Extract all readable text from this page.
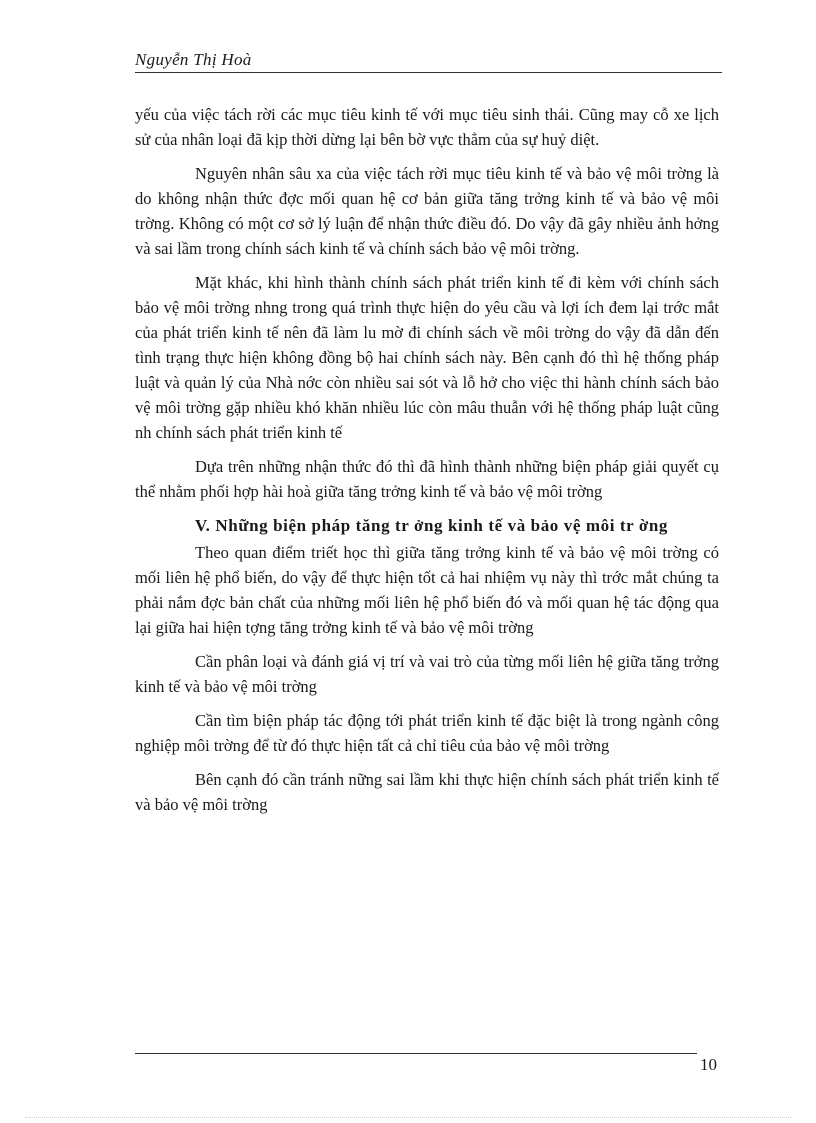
Nguyễn Thị Hoà

yếu của việc tách rời các mục tiêu kinh tế với mục tiêu sinh thái. Cũng may cỗ xe lịch sử của nhân loại đã kịp thời dừng lại bên bờ vực thẳm của sự huỷ diệt.

Nguyên nhân sâu xa của việc tách rời mục tiêu kinh tế và bảo vệ môi trờng là do không nhận thức đợc mối quan hệ cơ bản giữa tăng trởng kinh tế và bảo vệ môi trờng. Không có một cơ sở lý luận để nhận thức điều đó. Do vậy đã gây nhiều ảnh hởng và sai lầm trong chính sách kinh tế và chính sách bảo vệ môi trờng.

Mặt khác, khi hình thành chính sách phát triển kinh tế đi kèm với chính sách bảo vệ môi trờng nhng trong quá trình thực hiện do yêu cầu và lợi ích đem lại trớc mắt của phát triển kinh tế nên đã làm lu mờ đi chính sách về môi trờng do vậy đã dẫn đến tình trạng thực hiện không đồng bộ hai chính sách này. Bên cạnh đó thì hệ thống pháp luật và quản lý của Nhà nớc còn nhiều sai sót và lỗ hở cho việc thi hành chính sách bảo vệ môi trờng gặp nhiều khó khăn nhiều lúc còn mâu thuẫn với hệ thống pháp luật cũng nh chính sách phát triển kinh tế

Dựa trên những nhận thức đó thì đã hình thành những biện pháp giải quyết cụ thể nhằm phối hợp hài hoà giữa tăng trởng kinh tế và bảo vệ môi trờng

V. Những biện pháp tăng tr ởng kinh tế và bảo vệ môi tr ờng

Theo quan điểm triết học thì giữa tăng trởng kinh tế và bảo vệ môi trờng có mối liên hệ phổ biến, do vậy để thực hiện tốt cả hai nhiệm vụ này thì trớc mắt chúng ta phải nắm đợc bản chất của những mối liên hệ phổ biến đó và mối quan hệ tác động qua lại giữa hai hiện tợng tăng trởng kinh tế và bảo vệ môi trờng

Cần phân loại và đánh giá vị trí và vai trò của từng mối liên hệ giữa tăng trởng kinh tế và bảo vệ môi trờng

Cần tìm biện pháp tác động tới phát triển kinh tế đặc biệt là trong ngành công nghiệp môi trờng để từ đó thực hiện tất cả chỉ tiêu của bảo vệ môi trờng

Bên cạnh đó cần tránh nững sai lầm khi thực hiện chính sách phát triển kinh tế và bảo vệ môi trờng

10
